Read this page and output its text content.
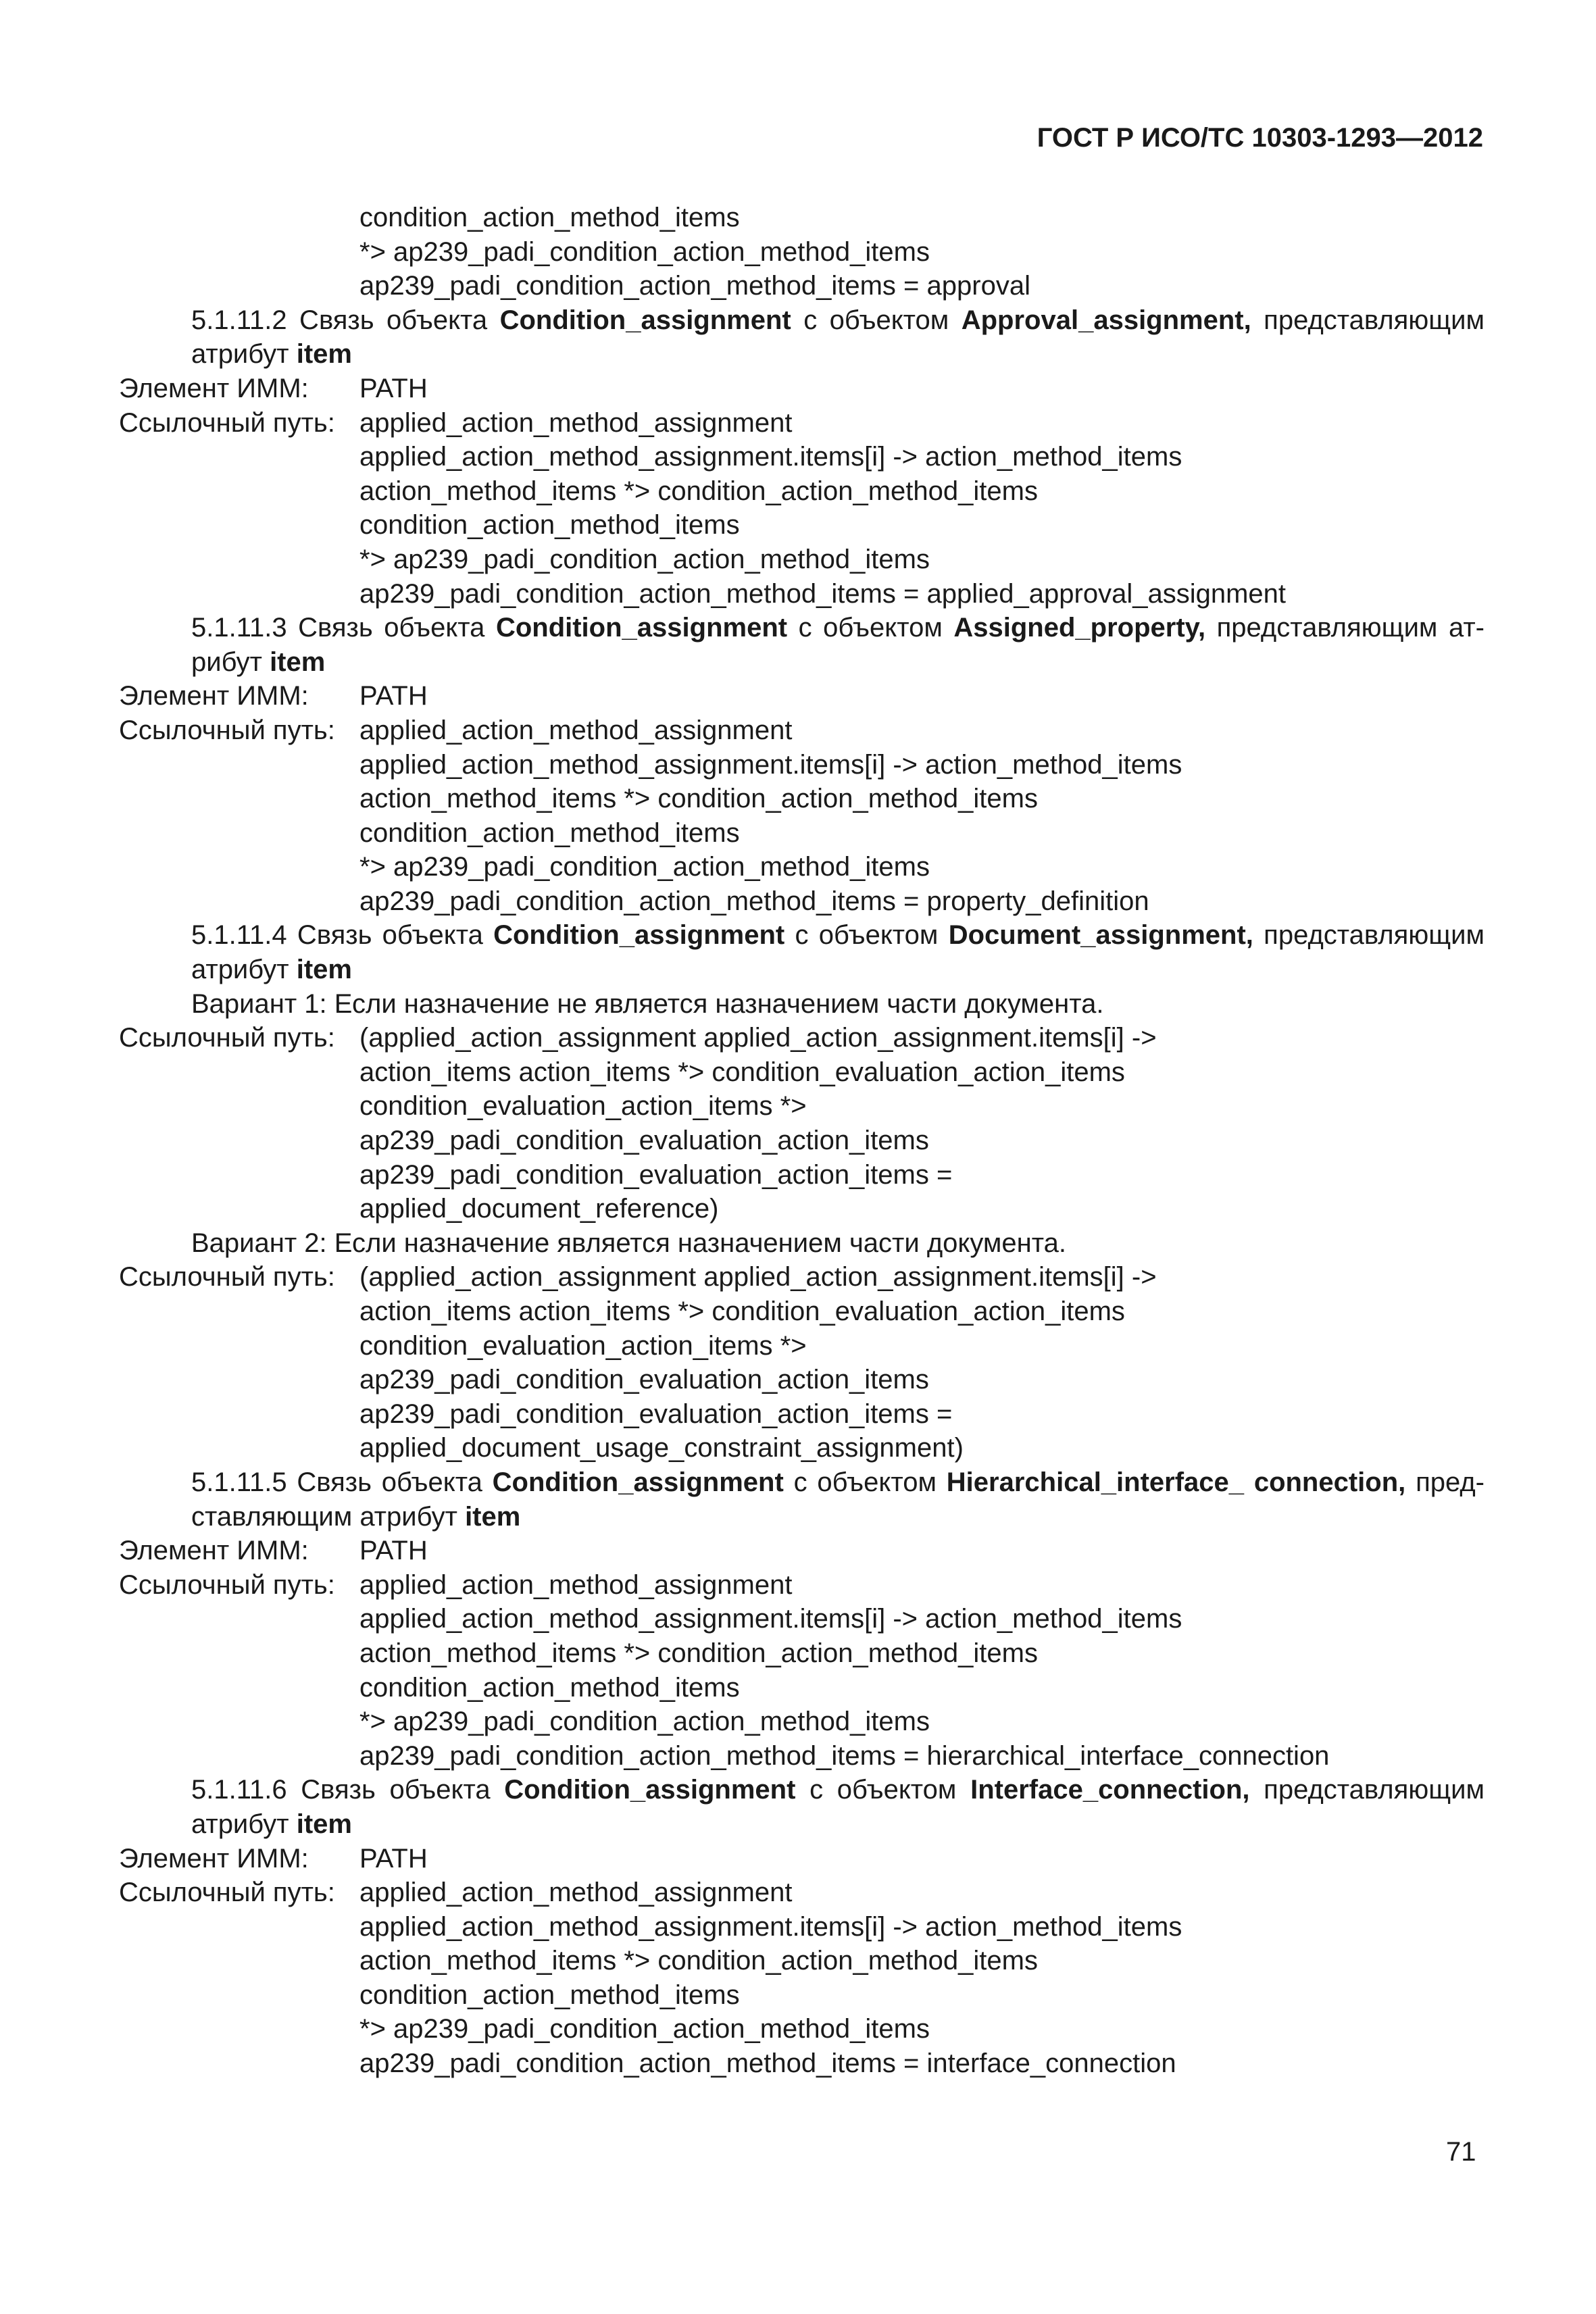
ГОСТ Р ИСО/ТС 10303-1293—2012
condition_action_method_items
*> ap239_padi_condition_action_method_items
ap239_padi_condition_action_method_items = approval
5.1.11.2 Связь объекта Condition_assignment с объектом Approval_assignment, представляющим атрибут item
Элемент ИММ:	PATH
Ссылочный путь: applied_action_method_assignment
applied_action_method_assignment.items[i] -> action_method_items
action_method_items *> condition_action_method_items
condition_action_method_items
*> ap239_padi_condition_action_method_items
ap239_padi_condition_action_method_items = applied_approval_assignment
5.1.11.3 Связь объекта Condition_assignment с объектом Assigned_property, представляющим ат-рибут item
Элемент ИММ:	PATH
Ссылочный путь: applied_action_method_assignment
applied_action_method_assignment.items[i] -> action_method_items
action_method_items *> condition_action_method_items
condition_action_method_items
*> ap239_padi_condition_action_method_items
ap239_padi_condition_action_method_items = property_definition
5.1.11.4 Связь объекта Condition_assignment с объектом Document_assignment, представляющим атрибут item
Вариант 1: Если назначение не является назначением части документа.
Ссылочный путь: (applied_action_assignment applied_action_assignment.items[i] ->
action_items action_items *> condition_evaluation_action_items
condition_evaluation_action_items *>
ap239_padi_condition_evaluation_action_items
ap239_padi_condition_evaluation_action_items =
applied_document_reference)
Вариант 2: Если назначение является назначением части документа.
Ссылочный путь: (applied_action_assignment applied_action_assignment.items[i] ->
action_items action_items *> condition_evaluation_action_items
condition_evaluation_action_items *>
ap239_padi_condition_evaluation_action_items
ap239_padi_condition_evaluation_action_items =
applied_document_usage_constraint_assignment)
5.1.11.5 Связь объекта Condition_assignment с объектом Hierarchical_interface_ connection, пред-ставляющим атрибут item
Элемент ИММ:	PATH
Ссылочный путь: applied_action_method_assignment
applied_action_method_assignment.items[i] -> action_method_items
action_method_items *> condition_action_method_items
condition_action_method_items
*> ap239_padi_condition_action_method_items
ap239_padi_condition_action_method_items = hierarchical_interface_connection
5.1.11.6 Связь объекта Condition_assignment с объектом Interface_connection, представляющим атрибут item
Элемент ИММ:	PATH
Ссылочный путь: applied_action_method_assignment
applied_action_method_assignment.items[i] -> action_method_items
action_method_items *> condition_action_method_items
condition_action_method_items
*> ap239_padi_condition_action_method_items
ap239_padi_condition_action_method_items = interface_connection
71
